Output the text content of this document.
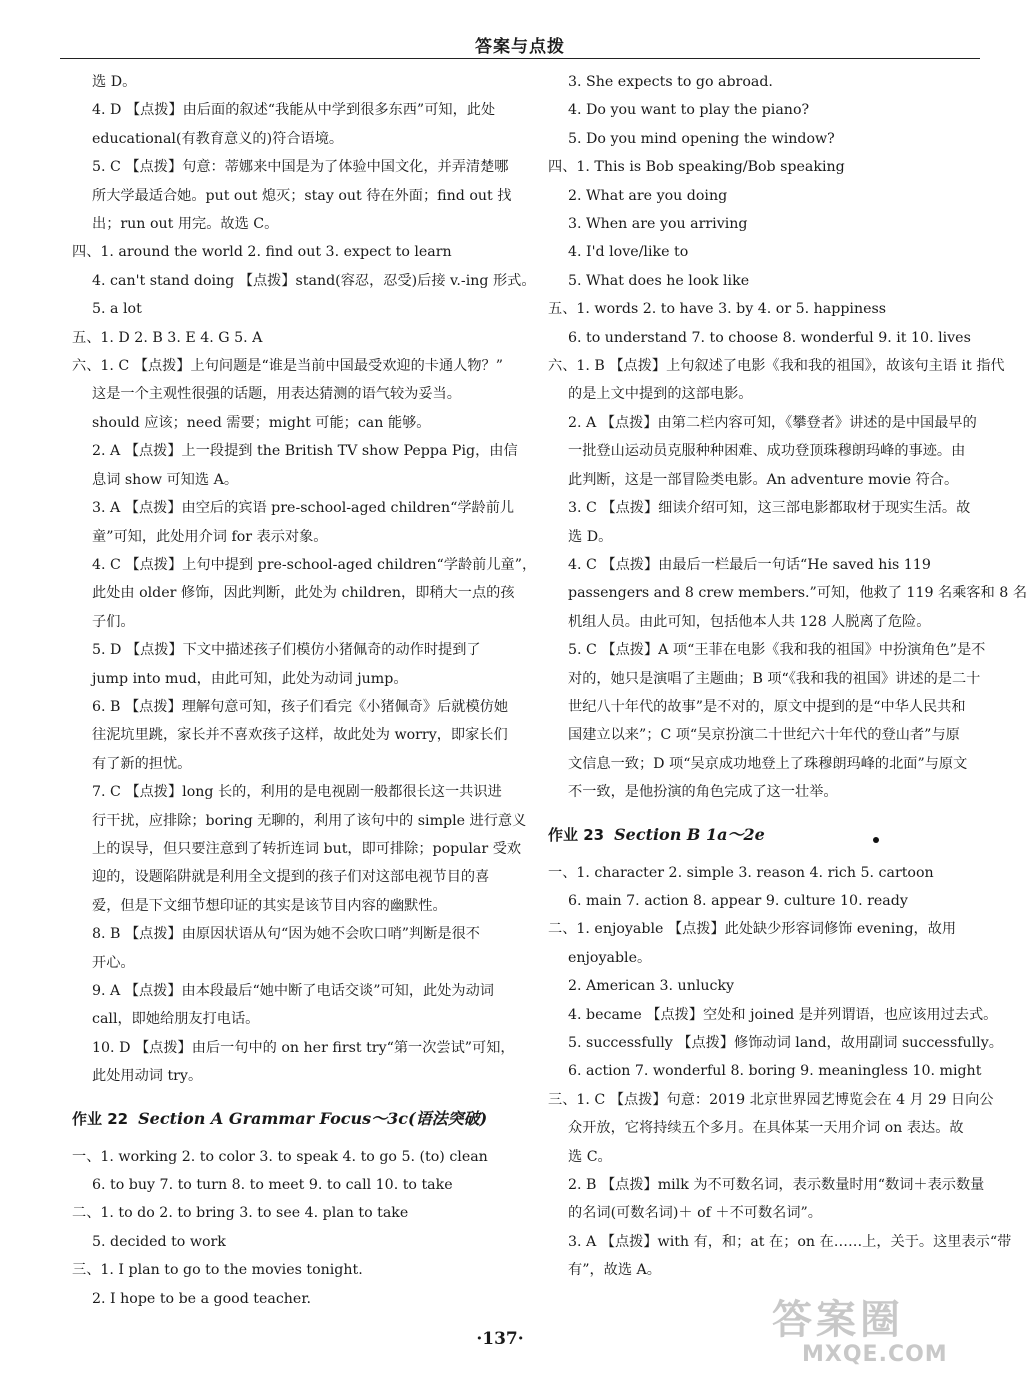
答案与点拨

选 D。

4. D 【点拨】由后面的叙述“我能从中学到很多东西”可知，此处

educational(有教育意义的)符合语境。

5. C 【点拨】句意：蒂娜来中国是为了体验中国文化，并弄清楚哪

所大学最适合她。put out 熄灭；stay out 待在外面；find out 找

出；run out 用完。故选 C。

四、1. around the world 2. find out 3. expect to learn

4. can't stand doing 【点拨】stand(容忍，忍受)后接 v.-ing 形式。

5. a lot

五、1. D 2. B 3. E 4. G 5. A

六、1. C 【点拨】上句问题是“谁是当前中国最受欢迎的卡通人物？”

这是一个主观性很强的话题，用表达猜测的语气较为妥当。

should 应该；need 需要；might 可能；can 能够。

2. A 【点拨】上一段提到 the British TV show Peppa Pig，由信

息词 show 可知选 A。

3. A 【点拨】由空后的宾语 pre-school-aged children“学龄前儿

童”可知，此处用介词 for 表示对象。

4. C 【点拨】上句中提到 pre-school-aged children“学龄前儿童”，

此处由 older 修饰，因此判断，此处为 children，即稍大一点的孩

子们。

5. D 【点拨】下文中描述孩子们模仿小猪佩奇的动作时提到了

jump into mud，由此可知，此处为动词 jump。

6. B 【点拨】理解句意可知，孩子们看完《小猪佩奇》后就模仿她

往泥坑里跳，家长并不喜欢孩子这样，故此处为 worry，即家长们

有了新的担忧。

7. C 【点拨】long 长的，利用的是电视剧一般都很长这一共识进

行干扰，应排除；boring 无聊的，利用了该句中的 simple 进行意义

上的误导，但只要注意到了转折连词 but，即可排除；popular 受欢

迎的，设题陷阱就是利用全文提到的孩子们对这部电视节目的喜

爱，但是下文细节想印证的其实是该节目内容的幽默性。

8. B 【点拨】由原因状语从句“因为她不会吹口哨”判断是很不

开心。

9. A 【点拨】由本段最后“她中断了电话交谈”可知，此处为动词

call，即她给朋友打电话。

10. D 【点拨】由后一句中的 on her first try“第一次尝试”可知，

此处用动词 try。

作业 22 Section A Grammar Focus～3c(语法突破)

一、1. working 2. to color 3. to speak 4. to go 5. (to) clean

6. to buy 7. to turn 8. to meet 9. to call 10. to take

二、1. to do 2. to bring 3. to see 4. plan to take

5. decided to work

三、1. I plan to go to the movies tonight.

2. I hope to be a good teacher.

3. She expects to go abroad.

4. Do you want to play the piano?

5. Do you mind opening the window?

四、1. This is Bob speaking/Bob speaking

2. What are you doing

3. When are you arriving

4. I'd love/like to

5. What does he look like

五、1. words 2. to have 3. by 4. or 5. happiness

6. to understand 7. to choose 8. wonderful 9. it 10. lives

六、1. B 【点拨】上句叙述了电影《我和我的祖国》，故该句主语 it 指代

的是上文中提到的这部电影。

2. A 【点拨】由第二栏内容可知，《攀登者》讲述的是中国最早的

一批登山运动员克服种种困难、成功登顶珠穆朗玛峰的事迹。由

此判断，这是一部冒险类电影。An adventure movie 符合。

3. C 【点拨】细读介绍可知，这三部电影都取材于现实生活。故

选 D。

4. C 【点拨】由最后一栏最后一句话“He saved his 119

passengers and 8 crew members.”可知，他救了 119 名乘客和 8 名

机组人员。由此可知，包括他本人共 128 人脱离了危险。

5. C 【点拨】A 项“王菲在电影《我和我的祖国》中扮演角色”是不

对的，她只是演唱了主题曲；B 项“《我和我的祖国》讲述的是二十

世纪八十年代的故事”是不对的，原文中提到的是“中华人民共和

国建立以来”；C 项“吴京扮演二十世纪六十年代的登山者”与原

文信息一致；D 项“吴京成功地登上了珠穆朗玛峰的北面”与原文

不一致，是他扮演的角色完成了这一壮举。

作业 23 Section B 1a～2e

一、1. character 2. simple 3. reason 4. rich 5. cartoon

6. main 7. action 8. appear 9. culture 10. ready

二、1. enjoyable 【点拨】此处缺少形容词修饰 evening，故用

enjoyable。

2. American 3. unlucky

4. became 【点拨】空处和 joined 是并列谓语，也应该用过去式。

5. successfully 【点拨】修饰动词 land，故用副词 successfully。

6. action 7. wonderful 8. boring 9. meaningless 10. might

三、1. C 【点拨】句意：2019 北京世界园艺博览会在 4 月 29 日向公

众开放，它将持续五个多月。在具体某一天用介词 on 表达。故

选 C。

2. B 【点拨】milk 为不可数名词，表示数量时用“数词＋表示数量

的名词(可数名词)＋ of ＋不可数名词”。

3. A 【点拨】with 有，和；at 在；on 在……上，关于。这里表示“带

有”，故选 A。

·137·	答案圈
MXQE.COM
